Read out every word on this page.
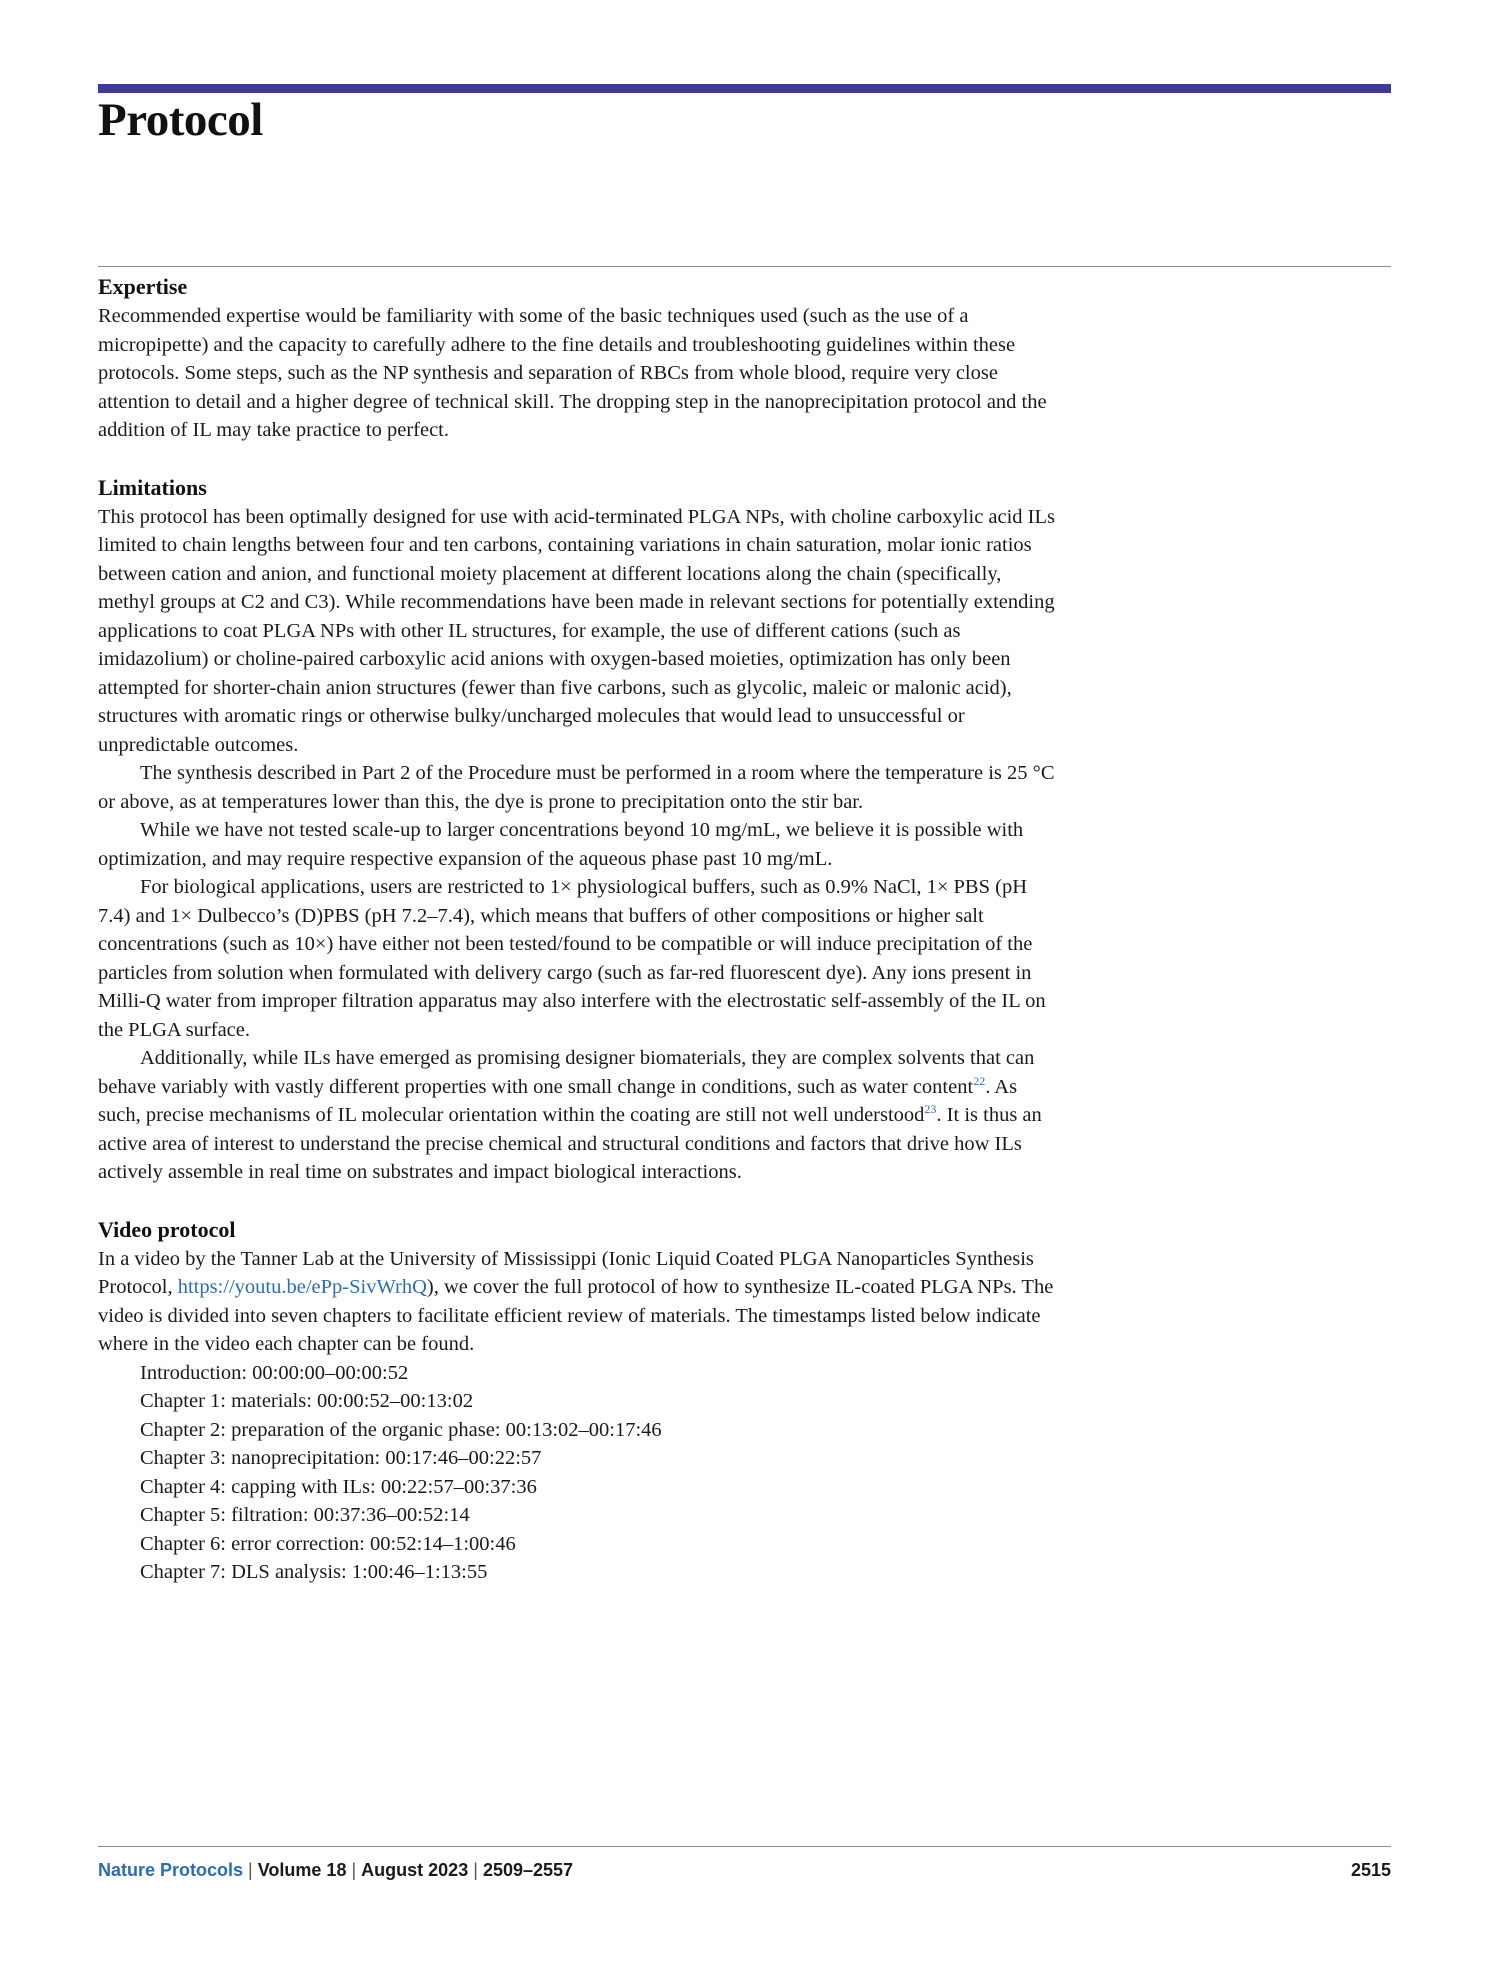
Protocol
Expertise

Recommended expertise would be familiarity with some of the basic techniques used (such as the use of a micropipette) and the capacity to carefully adhere to the fine details and troubleshooting guidelines within these protocols. Some steps, such as the NP synthesis and separation of RBCs from whole blood, require very close attention to detail and a higher degree of technical skill. The dropping step in the nanoprecipitation protocol and the addition of IL may take practice to perfect.

Limitations

This protocol has been optimally designed for use with acid-terminated PLGA NPs, with choline carboxylic acid ILs limited to chain lengths between four and ten carbons, containing variations in chain saturation, molar ionic ratios between cation and anion, and functional moiety placement at different locations along the chain (specifically, methyl groups at C2 and C3). While recommendations have been made in relevant sections for potentially extending applications to coat PLGA NPs with other IL structures, for example, the use of different cations (such as imidazolium) or choline-paired carboxylic acid anions with oxygen-based moieties, optimization has only been attempted for shorter-chain anion structures (fewer than five carbons, such as glycolic, maleic or malonic acid), structures with aromatic rings or otherwise bulky/uncharged molecules that would lead to unsuccessful or unpredictable outcomes.

The synthesis described in Part 2 of the Procedure must be performed in a room where the temperature is 25 °C or above, as at temperatures lower than this, the dye is prone to precipitation onto the stir bar.

While we have not tested scale-up to larger concentrations beyond 10 mg/mL, we believe it is possible with optimization, and may require respective expansion of the aqueous phase past 10 mg/mL.

For biological applications, users are restricted to 1× physiological buffers, such as 0.9% NaCl, 1× PBS (pH 7.4) and 1× Dulbecco’s (D)PBS (pH 7.2–7.4), which means that buffers of other compositions or higher salt concentrations (such as 10×) have either not been tested/found to be compatible or will induce precipitation of the particles from solution when formulated with delivery cargo (such as far-red fluorescent dye). Any ions present in Milli-Q water from improper filtration apparatus may also interfere with the electrostatic self-assembly of the IL on the PLGA surface.

Additionally, while ILs have emerged as promising designer biomaterials, they are complex solvents that can behave variably with vastly different properties with one small change in conditions, such as water content$^{22}$. As such, precise mechanisms of IL molecular orientation within the coating are still not well understood$^{23}$. It is thus an active area of interest to understand the precise chemical and structural conditions and factors that drive how ILs actively assemble in real time on substrates and impact biological interactions.

Video protocol

In a video by the Tanner Lab at the University of Mississippi (Ionic Liquid Coated PLGA Nanoparticles Synthesis Protocol, https://youtu.be/ePp-SivWrhQ), we cover the full protocol of how to synthesize IL-coated PLGA NPs. The video is divided into seven chapters to facilitate efficient review of materials. The timestamps listed below indicate where in the video each chapter can be found.

Introduction: 00:00:00–00:00:52
Chapter 1: materials: 00:00:52–00:13:02
Chapter 2: preparation of the organic phase: 00:13:02–00:17:46
Chapter 3: nanoprecipitation: 00:17:46–00:22:57
Chapter 4: capping with ILs: 00:22:57–00:37:36
Chapter 5: filtration: 00:37:36–00:52:14
Chapter 6: error correction: 00:52:14–1:00:46
Chapter 7: DLS analysis: 1:00:46–1:13:55
Nature Protocols | Volume 18 | August 2023 | 2509–2557	2515
